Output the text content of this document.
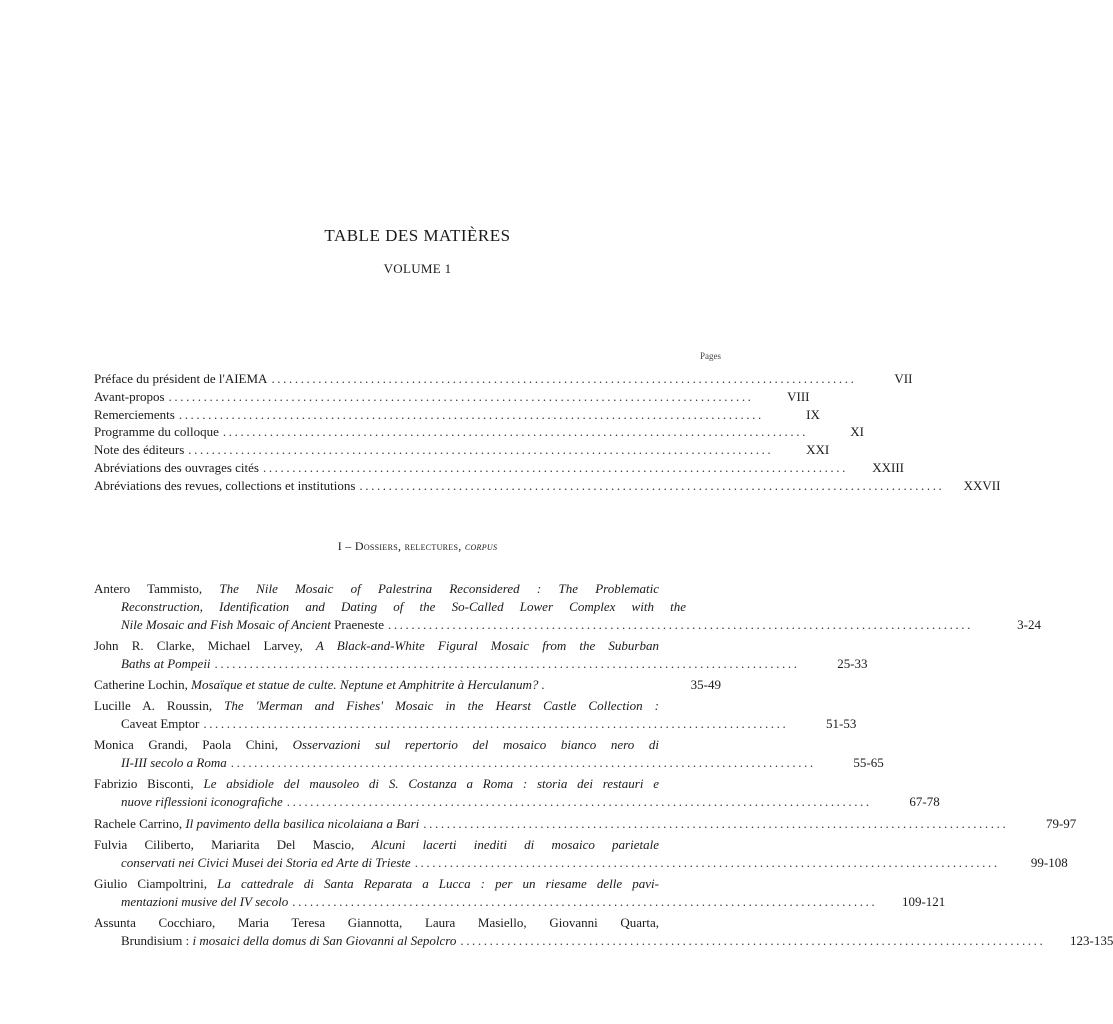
TABLE DES MATIÈRES
VOLUME 1
Pages
Préface du président de l'AIEMA ....................................................................................................	VII
Avant-propos ....................................................................................................	VIII
Remerciements ....................................................................................................	IX
Programme du colloque ....................................................................................................	XI
Note des éditeurs ....................................................................................................	XXI
Abréviations des ouvrages cités ....................................................................................................	XXIII
Abréviations des revues, collections et institutions ....................................................................................................	XXVII
I – Dossiers, relectures, corpus
Antero Tammisto, The Nile Mosaic of Palestrina Reconsidered : The Problematic
Reconstruction, Identification and Dating of the So-Called Lower Complex with the
Nile Mosaic and Fish Mosaic of Ancient Praeneste ....................................................................................................	3-24
John R. Clarke, Michael Larvey, A Black-and-White Figural Mosaic from the Suburban
Baths at Pompeii ....................................................................................................	25-33
Catherine Lochin, Mosaïque et statue de culte. Neptune et Amphitrite à Herculanum? .	35-49
Lucille A. Roussin, The 'Merman and Fishes' Mosaic in the Hearst Castle Collection :
Caveat Emptor ....................................................................................................	51-53
Monica Grandi, Paola Chini, Osservazioni sul repertorio del mosaico bianco nero di
II-III secolo a Roma ....................................................................................................	55-65
Fabrizio Bisconti, Le absidiole del mausoleo di S. Costanza a Roma : storia dei restauri e
nuove riflessioni iconografiche ....................................................................................................	67-78
Rachele Carrino, Il pavimento della basilica nicolaiana a Bari ....................................................................................................	79-97
Fulvia Ciliberto, Mariarita Del Mascio, Alcuni lacerti inediti di mosaico parietale
conservati nei Civici Musei dei Storia ed Arte di Trieste ....................................................................................................	99-108
Giulio Ciampoltrini, La cattedrale di Santa Reparata a Lucca : per un riesame delle pavi-
mentazioni musive del IV secolo ....................................................................................................	109-121
Assunta Cocchiaro, Maria Teresa Giannotta, Laura Masiello, Giovanni Quarta,
Brundisium : i mosaici della domus di San Giovanni al Sepolcro ....................................................................................................	123-135
